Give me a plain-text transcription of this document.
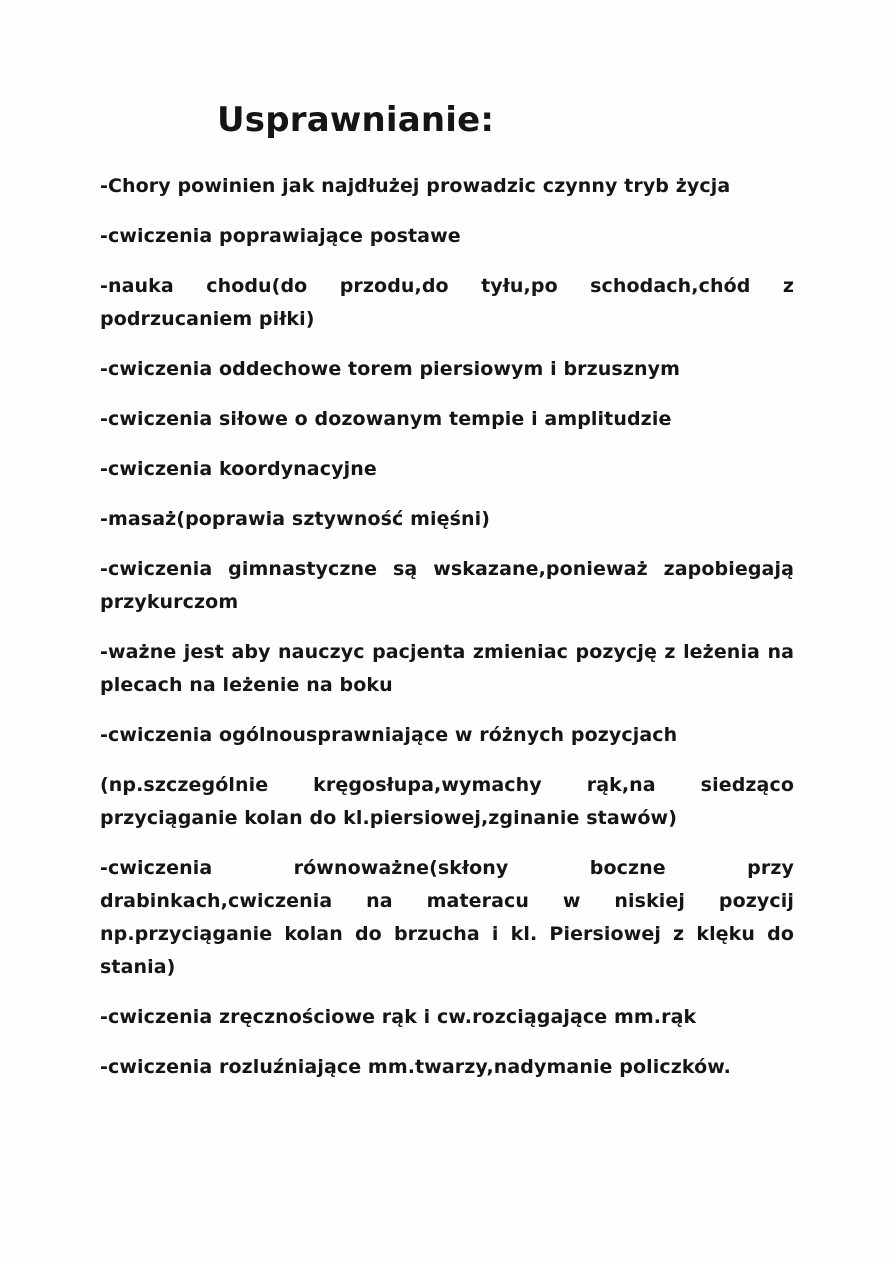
Usprawnianie:
-Chory powinien jak najdłużej prowadzic czynny tryb życja
-cwiczenia poprawiające postawe
-nauka chodu(do przodu,do tyłu,po schodach,chód z podrzucaniem piłki)
-cwiczenia oddechowe torem piersiowym i brzusznym
-cwiczenia siłowe o dozowanym tempie i amplitudzie
-cwiczenia koordynacyjne
-masaż(poprawia sztywność mięśni)
-cwiczenia gimnastyczne są wskazane,ponieważ zapobiegają przykurczom
-ważne jest aby nauczyc pacjenta zmieniac pozycję z leżenia na plecach na leżenie na boku
-cwiczenia ogólnousprawniające w różnych pozycjach
(np.szczególnie kręgosłupa,wymachy rąk,na siedząco przyciąganie kolan do kl.piersiowej,zginanie stawów)
-cwiczenia równoważne(skłony boczne przy drabinkach,cwiczenia na materacu w niskiej pozycij np.przyciąganie kolan do brzucha i kl. Piersiowej z klęku do stania)
-cwiczenia zręcznościowe rąk i cw.rozciągające mm.rąk
-cwiczenia rozluźniające mm.twarzy,nadymanie policzków.
